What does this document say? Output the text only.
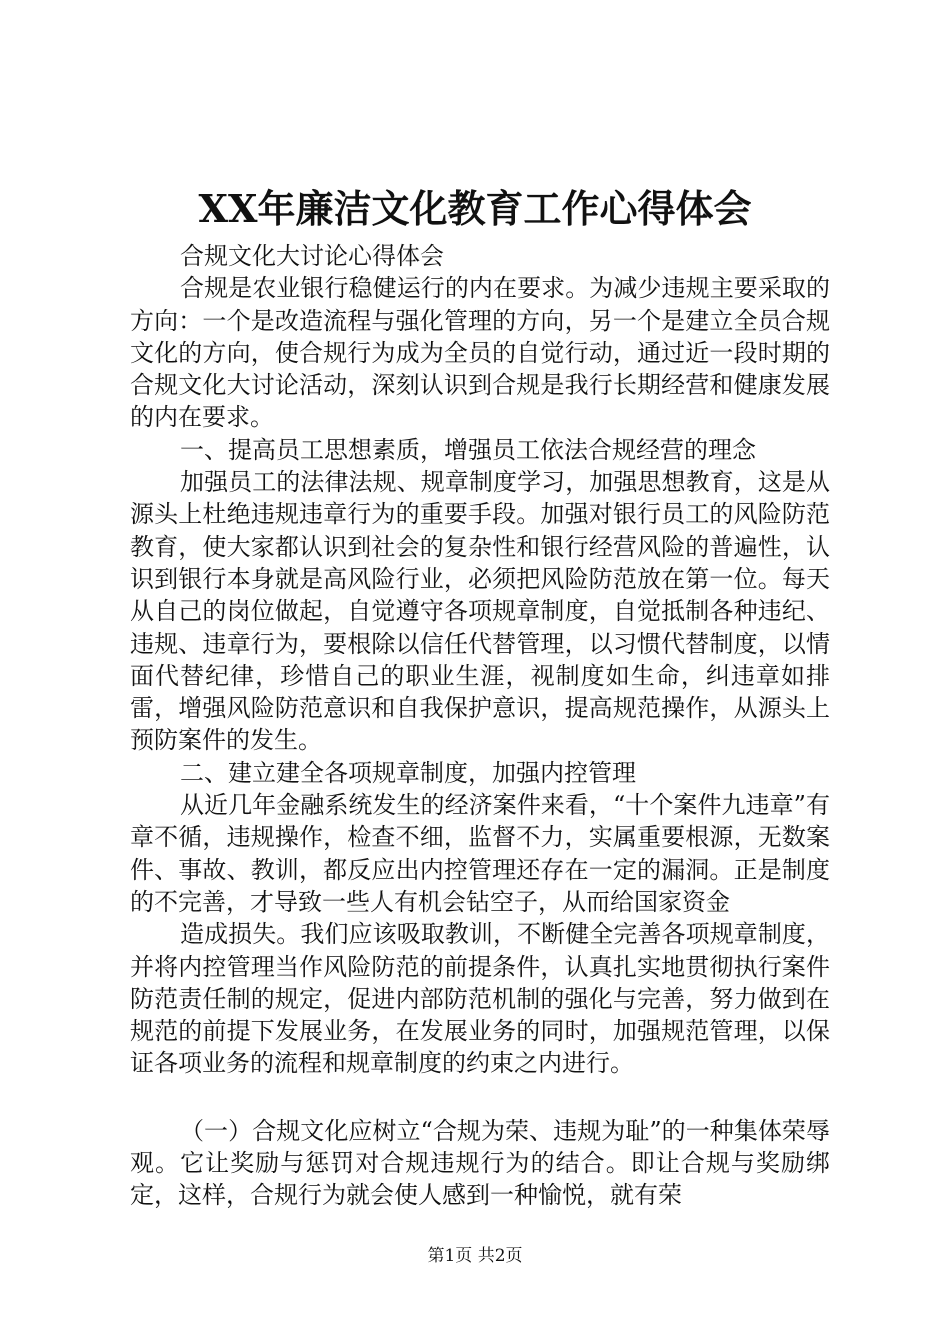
XX年廉洁文化教育工作心得体会

合规文化大讨论心得体会

合规是农业银行稳健运行的内在要求。为减少违规主要采取的方向：一个是改造流程与强化管理的方向，另一个是建立全员合规文化的方向，使合规行为成为全员的自觉行动，通过近一段时期的合规文化大讨论活动，深刻认识到合规是我行长期经营和健康发展的内在要求。

一、提高员工思想素质，增强员工依法合规经营的理念

加强员工的法律法规、规章制度学习，加强思想教育，这是从源头上杜绝违规违章行为的重要手段。加强对银行员工的风险防范教育，使大家都认识到社会的复杂性和银行经营风险的普遍性，认识到银行本身就是高风险行业，必须把风险防范放在第一位。每天从自己的岗位做起，自觉遵守各项规章制度，自觉抵制各种违纪、违规、违章行为，要根除以信任代替管理，以习惯代替制度，以情面代替纪律，珍惜自己的职业生涯，视制度如生命，纠违章如排雷，增强风险防范意识和自我保护意识，提高规范操作，从源头上预防案件的发生。

二、建立建全各项规章制度，加强内控管理

从近几年金融系统发生的经济案件来看，“十个案件九违章”有章不循，违规操作，检查不细，监督不力，实属重要根源，无数案件、事故、教训，都反应出内控管理还存在一定的漏洞。正是制度的不完善，才导致一些人有机会钻空子，从而给国家资金

造成损失。我们应该吸取教训，不断健全完善各项规章制度，并将内控管理当作风险防范的前提条件，认真扎实地贯彻执行案件防范责任制的规定，促进内部防范机制的强化与完善，努力做到在规范的前提下发展业务，在发展业务的同时，加强规范管理，以保证各项业务的流程和规章制度的约束之内进行。

（一）合规文化应树立“合规为荣、违规为耻”的一种集体荣辱观。它让奖励与惩罚对合规违规行为的结合。即让合规与奖励绑定，这样，合规行为就会使人感到一种愉悦，就有荣

第1页 共2页
